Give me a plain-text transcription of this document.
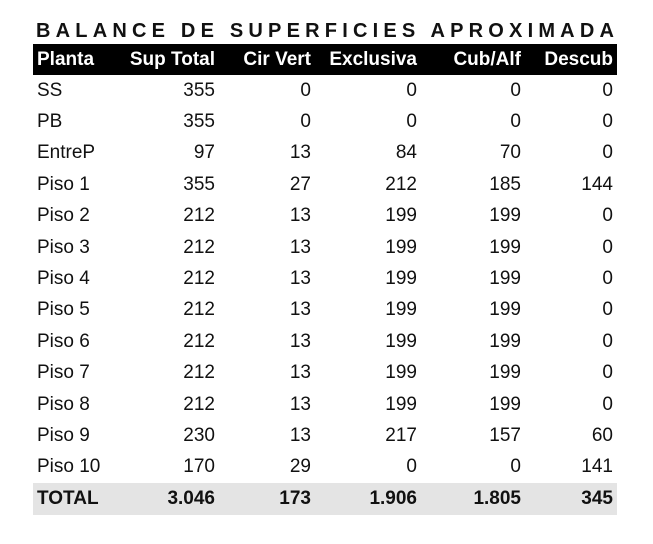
BALANCE DE SUPERFICIES APROXIMADA
Planta	Sup Total	Cir Vert	Exclusiva	Cub/Alf	Descub
SS	355	0	0	0	0
PB	355	0	0	0	0
EntreP	97	13	84	70	0
Piso 1	355	27	212	185	144
Piso 2	212	13	199	199	0
Piso 3	212	13	199	199	0
Piso 4	212	13	199	199	0
Piso 5	212	13	199	199	0
Piso 6	212	13	199	199	0
Piso 7	212	13	199	199	0
Piso 8	212	13	199	199	0
Piso 9	230	13	217	157	60
Piso 10	170	29	0	0	141
TOTAL	3.046	173	1.906	1.805	345
